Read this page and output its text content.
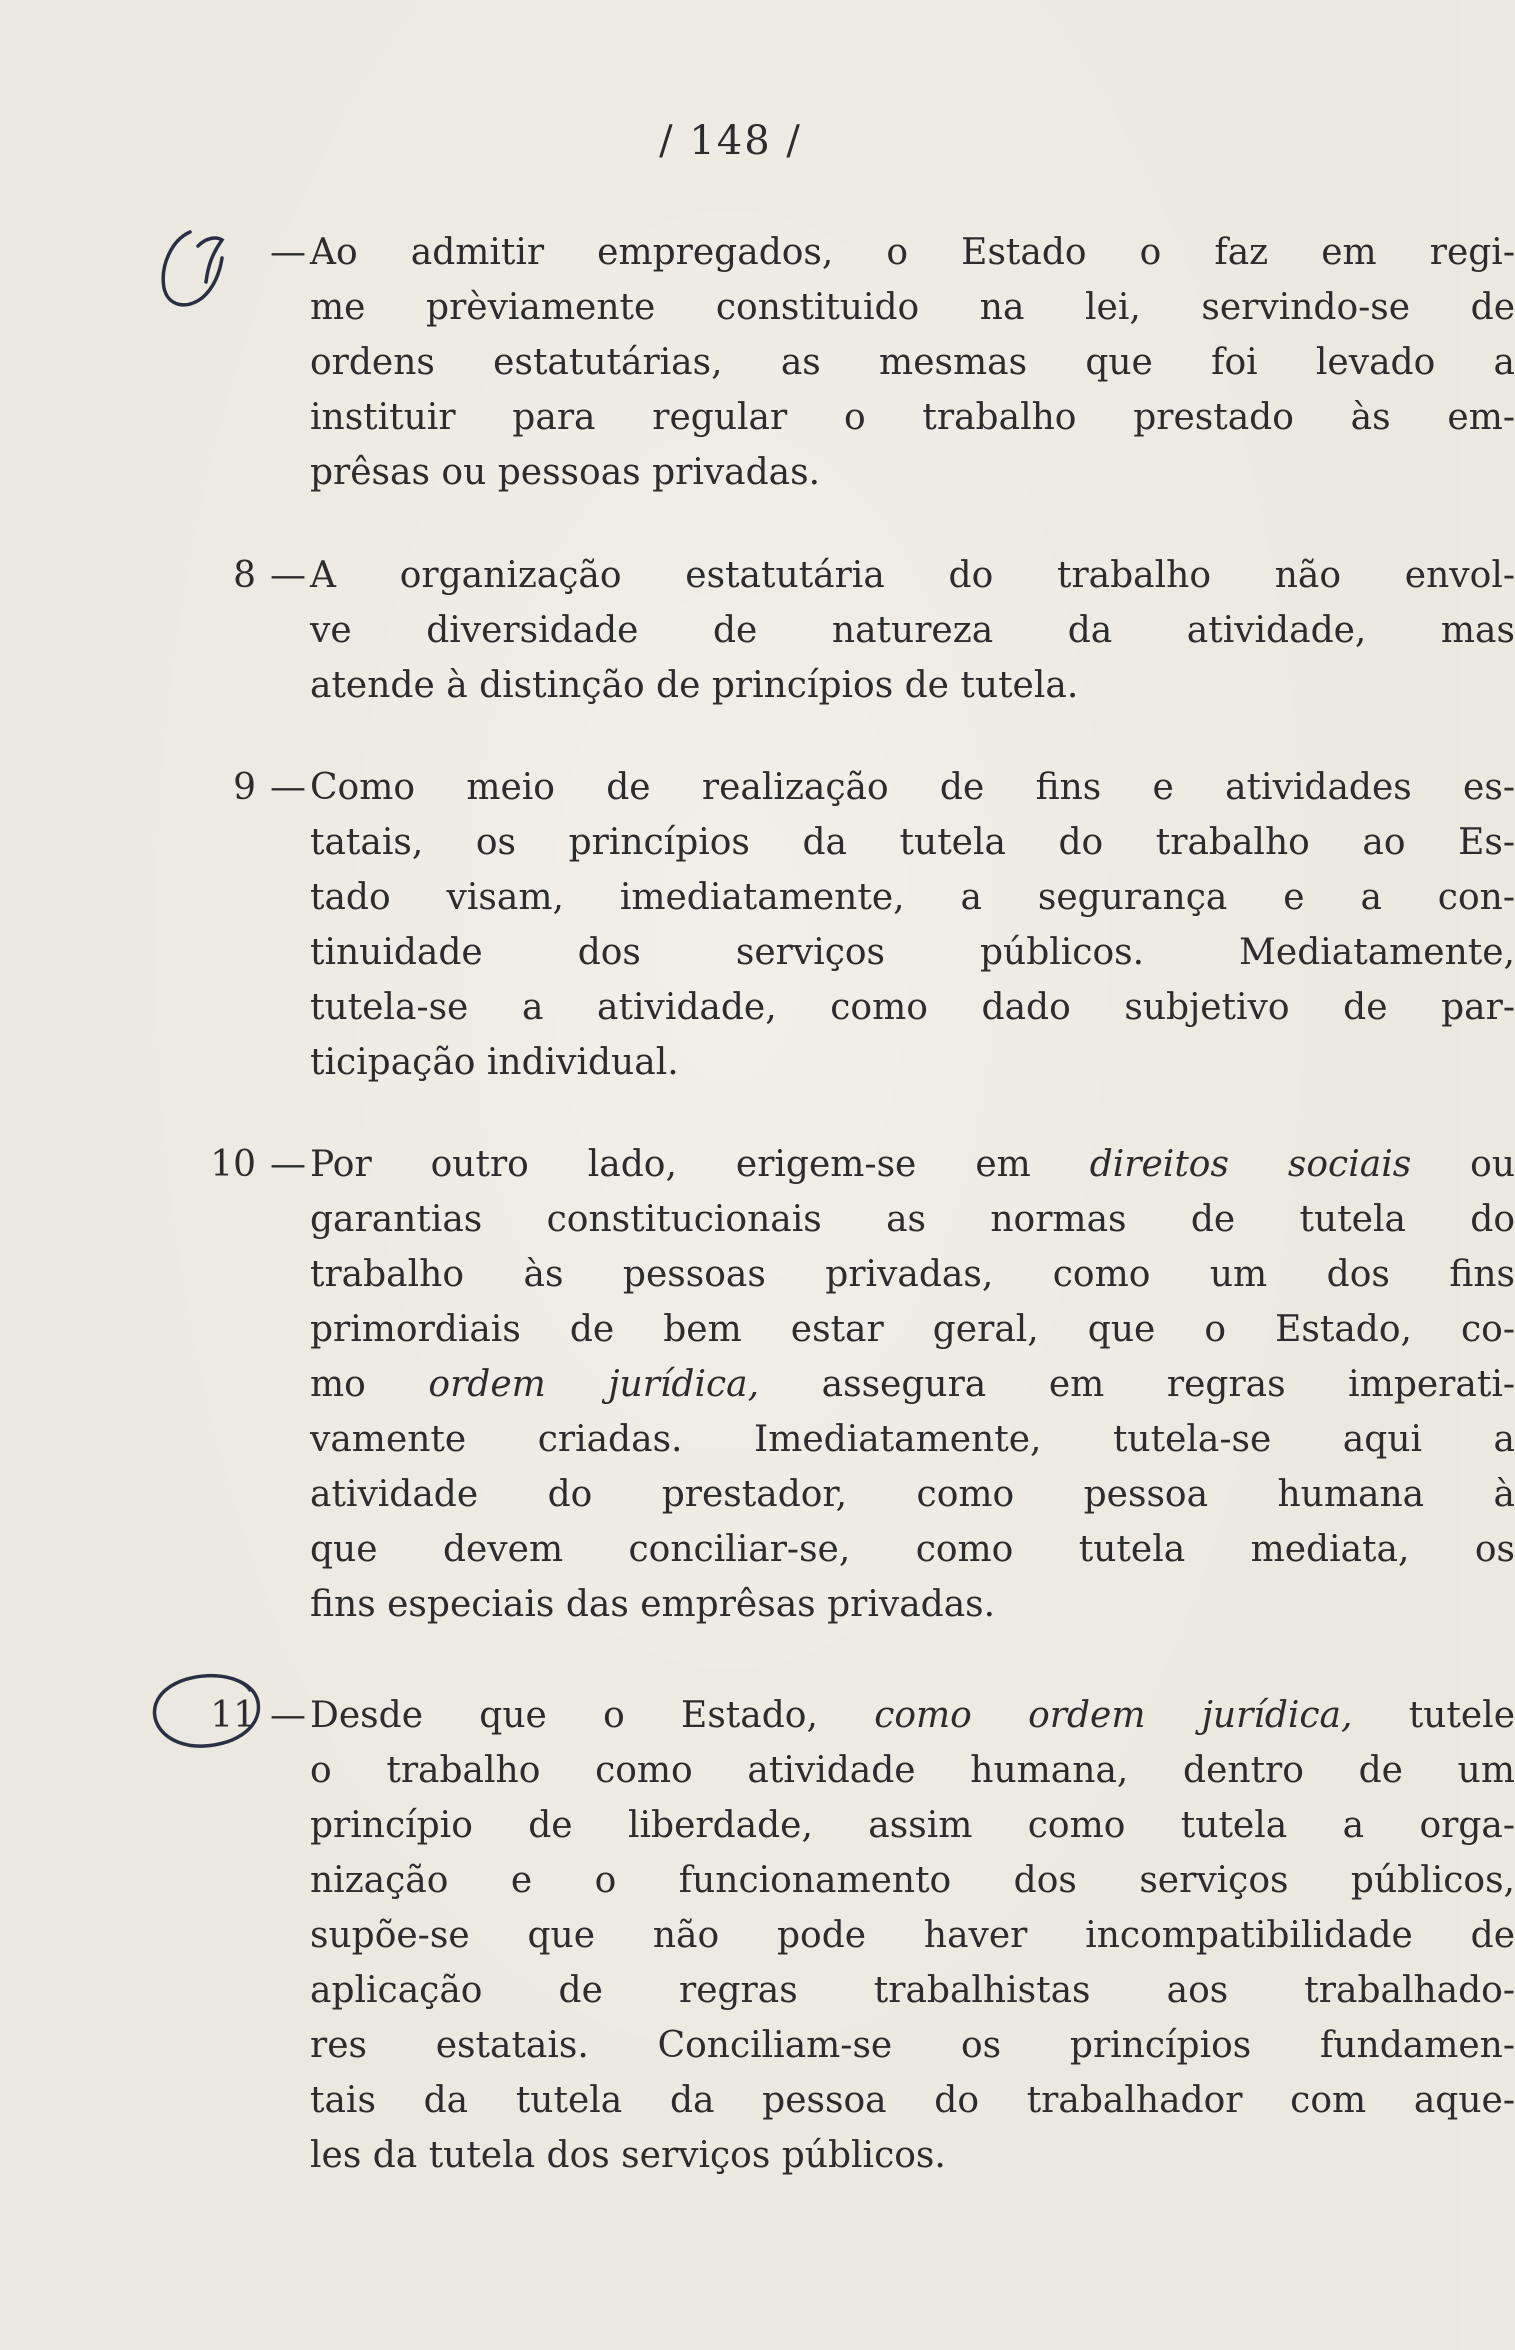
/ 148 /
— Ao admitir empregados, o Estado o faz em regi-
me prèviamente constituido na lei, servindo-se de
ordens estatutárias, as mesmas que foi levado a
instituir para regular o trabalho prestado às em-
prêsas ou pessoas privadas.
8 — A organização estatutária do trabalho não envol-
ve diversidade de natureza da atividade, mas
atende à distinção de princípios de tutela.
9 — Como meio de realização de fins e atividades es-
tatais, os princípios da tutela do trabalho ao Es-
tado visam, imediatamente, a segurança e a con-
tinuidade dos serviços públicos. Mediatamente,
tutela-se a atividade, como dado subjetivo de par-
ticipação individual.
10 — Por outro lado, erigem-se em direitos sociais ou
garantias constitucionais as normas de tutela do
trabalho às pessoas privadas, como um dos fins
primordiais de bem estar geral, que o Estado, co-
mo ordem jurídica, assegura em regras imperati-
vamente criadas. Imediatamente, tutela-se aqui a
atividade do prestador, como pessoa humana à
que devem conciliar-se, como tutela mediata, os
fins especiais das emprêsas privadas.
11 — Desde que o Estado, como ordem jurídica, tutele
o trabalho como atividade humana, dentro de um
princípio de liberdade, assim como tutela a orga-
nização e o funcionamento dos serviços públicos,
supõe-se que não pode haver incompatibilidade de
aplicação de regras trabalhistas aos trabalhado-
res estatais. Conciliam-se os princípios fundamen-
tais da tutela da pessoa do trabalhador com aque-
les da tutela dos serviços públicos.
